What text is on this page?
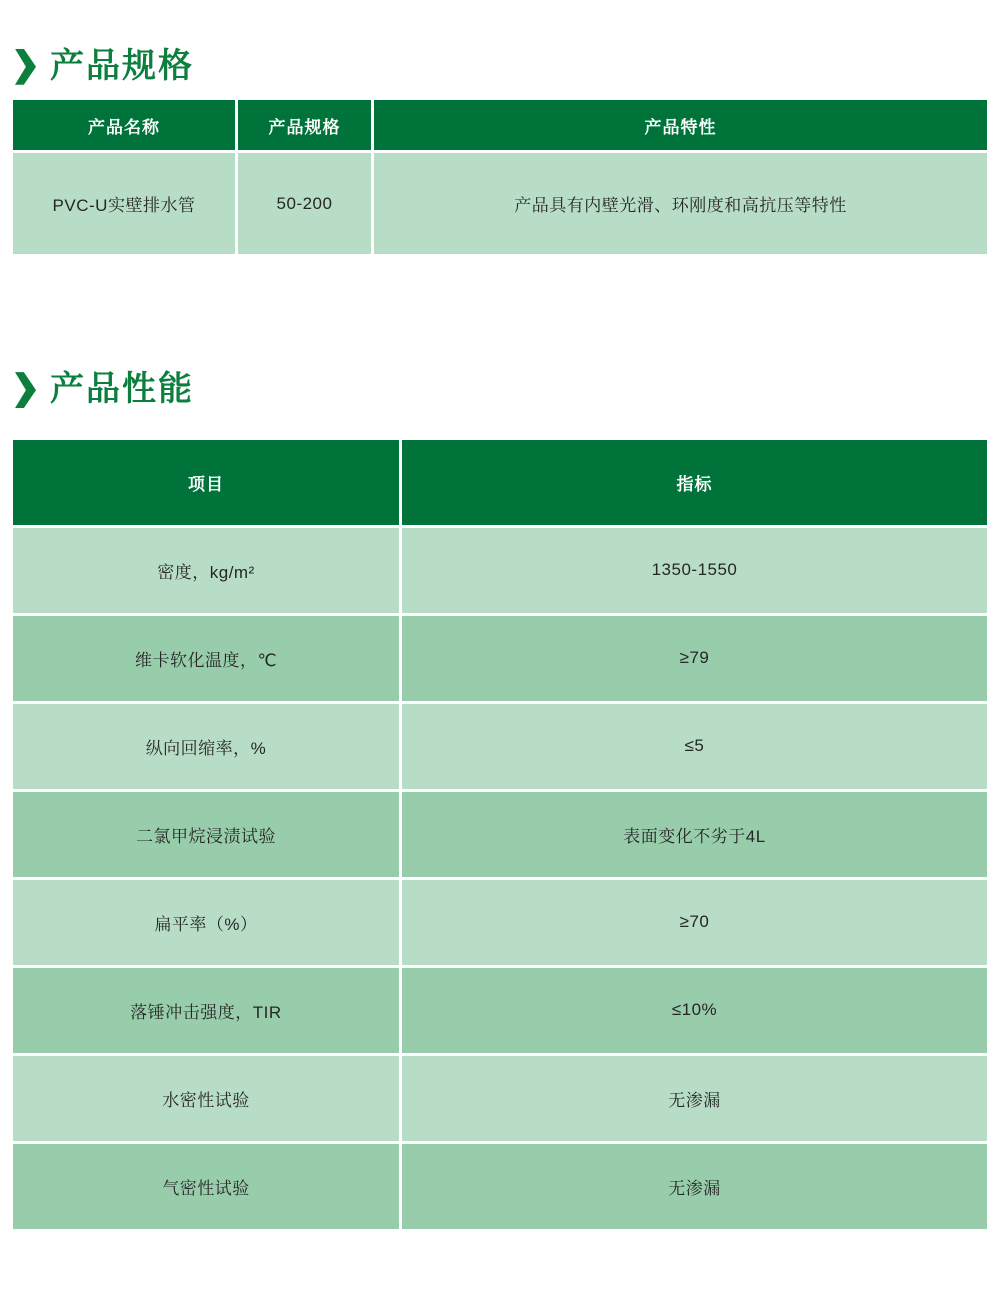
产品规格
产品名称	产品规格	产品特性
PVC-U实壁排水管	50-200	产品具有内壁光滑、环刚度和高抗压等特性
产品性能
项目	指标
密度，kg/m²	1350-1550
维卡软化温度，℃	≥79
纵向回缩率，%	≤5
二氯甲烷浸渍试验	表面变化不劣于4L
扁平率（%）	≥70
落锤冲击强度，TIR	≤10%
水密性试验	无渗漏
气密性试验	无渗漏
